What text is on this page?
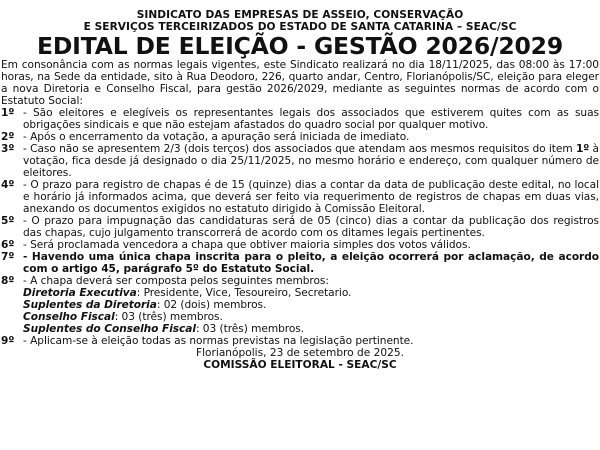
SINDICATO DAS EMPRESAS DE ASSEIO, CONSERVAÇÃO
E SERVIÇOS TERCEIRIZADOS DO ESTADO DE SANTA CATARINA – SEAC/SC
EDITAL DE ELEIÇÃO - GESTÃO 2026/2029

Em consonância com as normas legais vigentes, este Sindicato realizará no dia 18/11/2025, das 08:00 às 17:00 horas, na Sede da entidade, sito à Rua Deodoro, 226, quarto andar, Centro, Florianópolis/SC, eleição para eleger a nova Diretoria e Conselho Fiscal, para gestão 2026/2029, mediante as seguintes normas de acordo com o Estatuto Social:

1º - São eleitores e elegíveis os representantes legais dos associados que estiverem quites com as suas obrigações sindicais e que não estejam afastados do quadro social por qualquer motivo.
2º - Após o encerramento da votação, a apuração será iniciada de imediato.
3º - Caso não se apresentem 2/3 (dois terços) dos associados que atendam aos mesmos requisitos do item 1º à votação, fica desde já designado o dia 25/11/2025, no mesmo horário e endereço, com qualquer número de eleitores.
4º - O prazo para registro de chapas é de 15 (quinze) dias a contar da data de publicação deste edital, no local e horário já informados acima, que deverá ser feito via requerimento de registros de chapas em duas vias, anexando os documentos exigidos no estatuto dirigido à Comissão Eleitoral.
5º - O prazo para impugnação das candidaturas será de 05 (cinco) dias a contar da publicação dos registros das chapas, cujo julgamento transcorrerá de acordo com os ditames legais pertinentes.
6º - Será proclamada vencedora a chapa que obtiver maioria simples dos votos válidos.
7º - Havendo uma única chapa inscrita para o pleito, a eleição ocorrerá por aclamação, de acordo com o artigo 45, parágrafo 5º do Estatuto Social.
8º - A chapa deverá ser composta pelos seguintes membros:
Diretoria Executiva: Presidente, Vice, Tesoureiro, Secretario.
Suplentes da Diretoria: 02 (dois) membros.
Conselho Fiscal: 03 (três) membros.
Suplentes do Conselho Fiscal: 03 (três) membros.
9º - Aplicam-se à eleição todas as normas previstas na legislação pertinente.
Florianópolis, 23 de setembro de 2025.
COMISSÃO ELEITORAL - SEAC/SC
